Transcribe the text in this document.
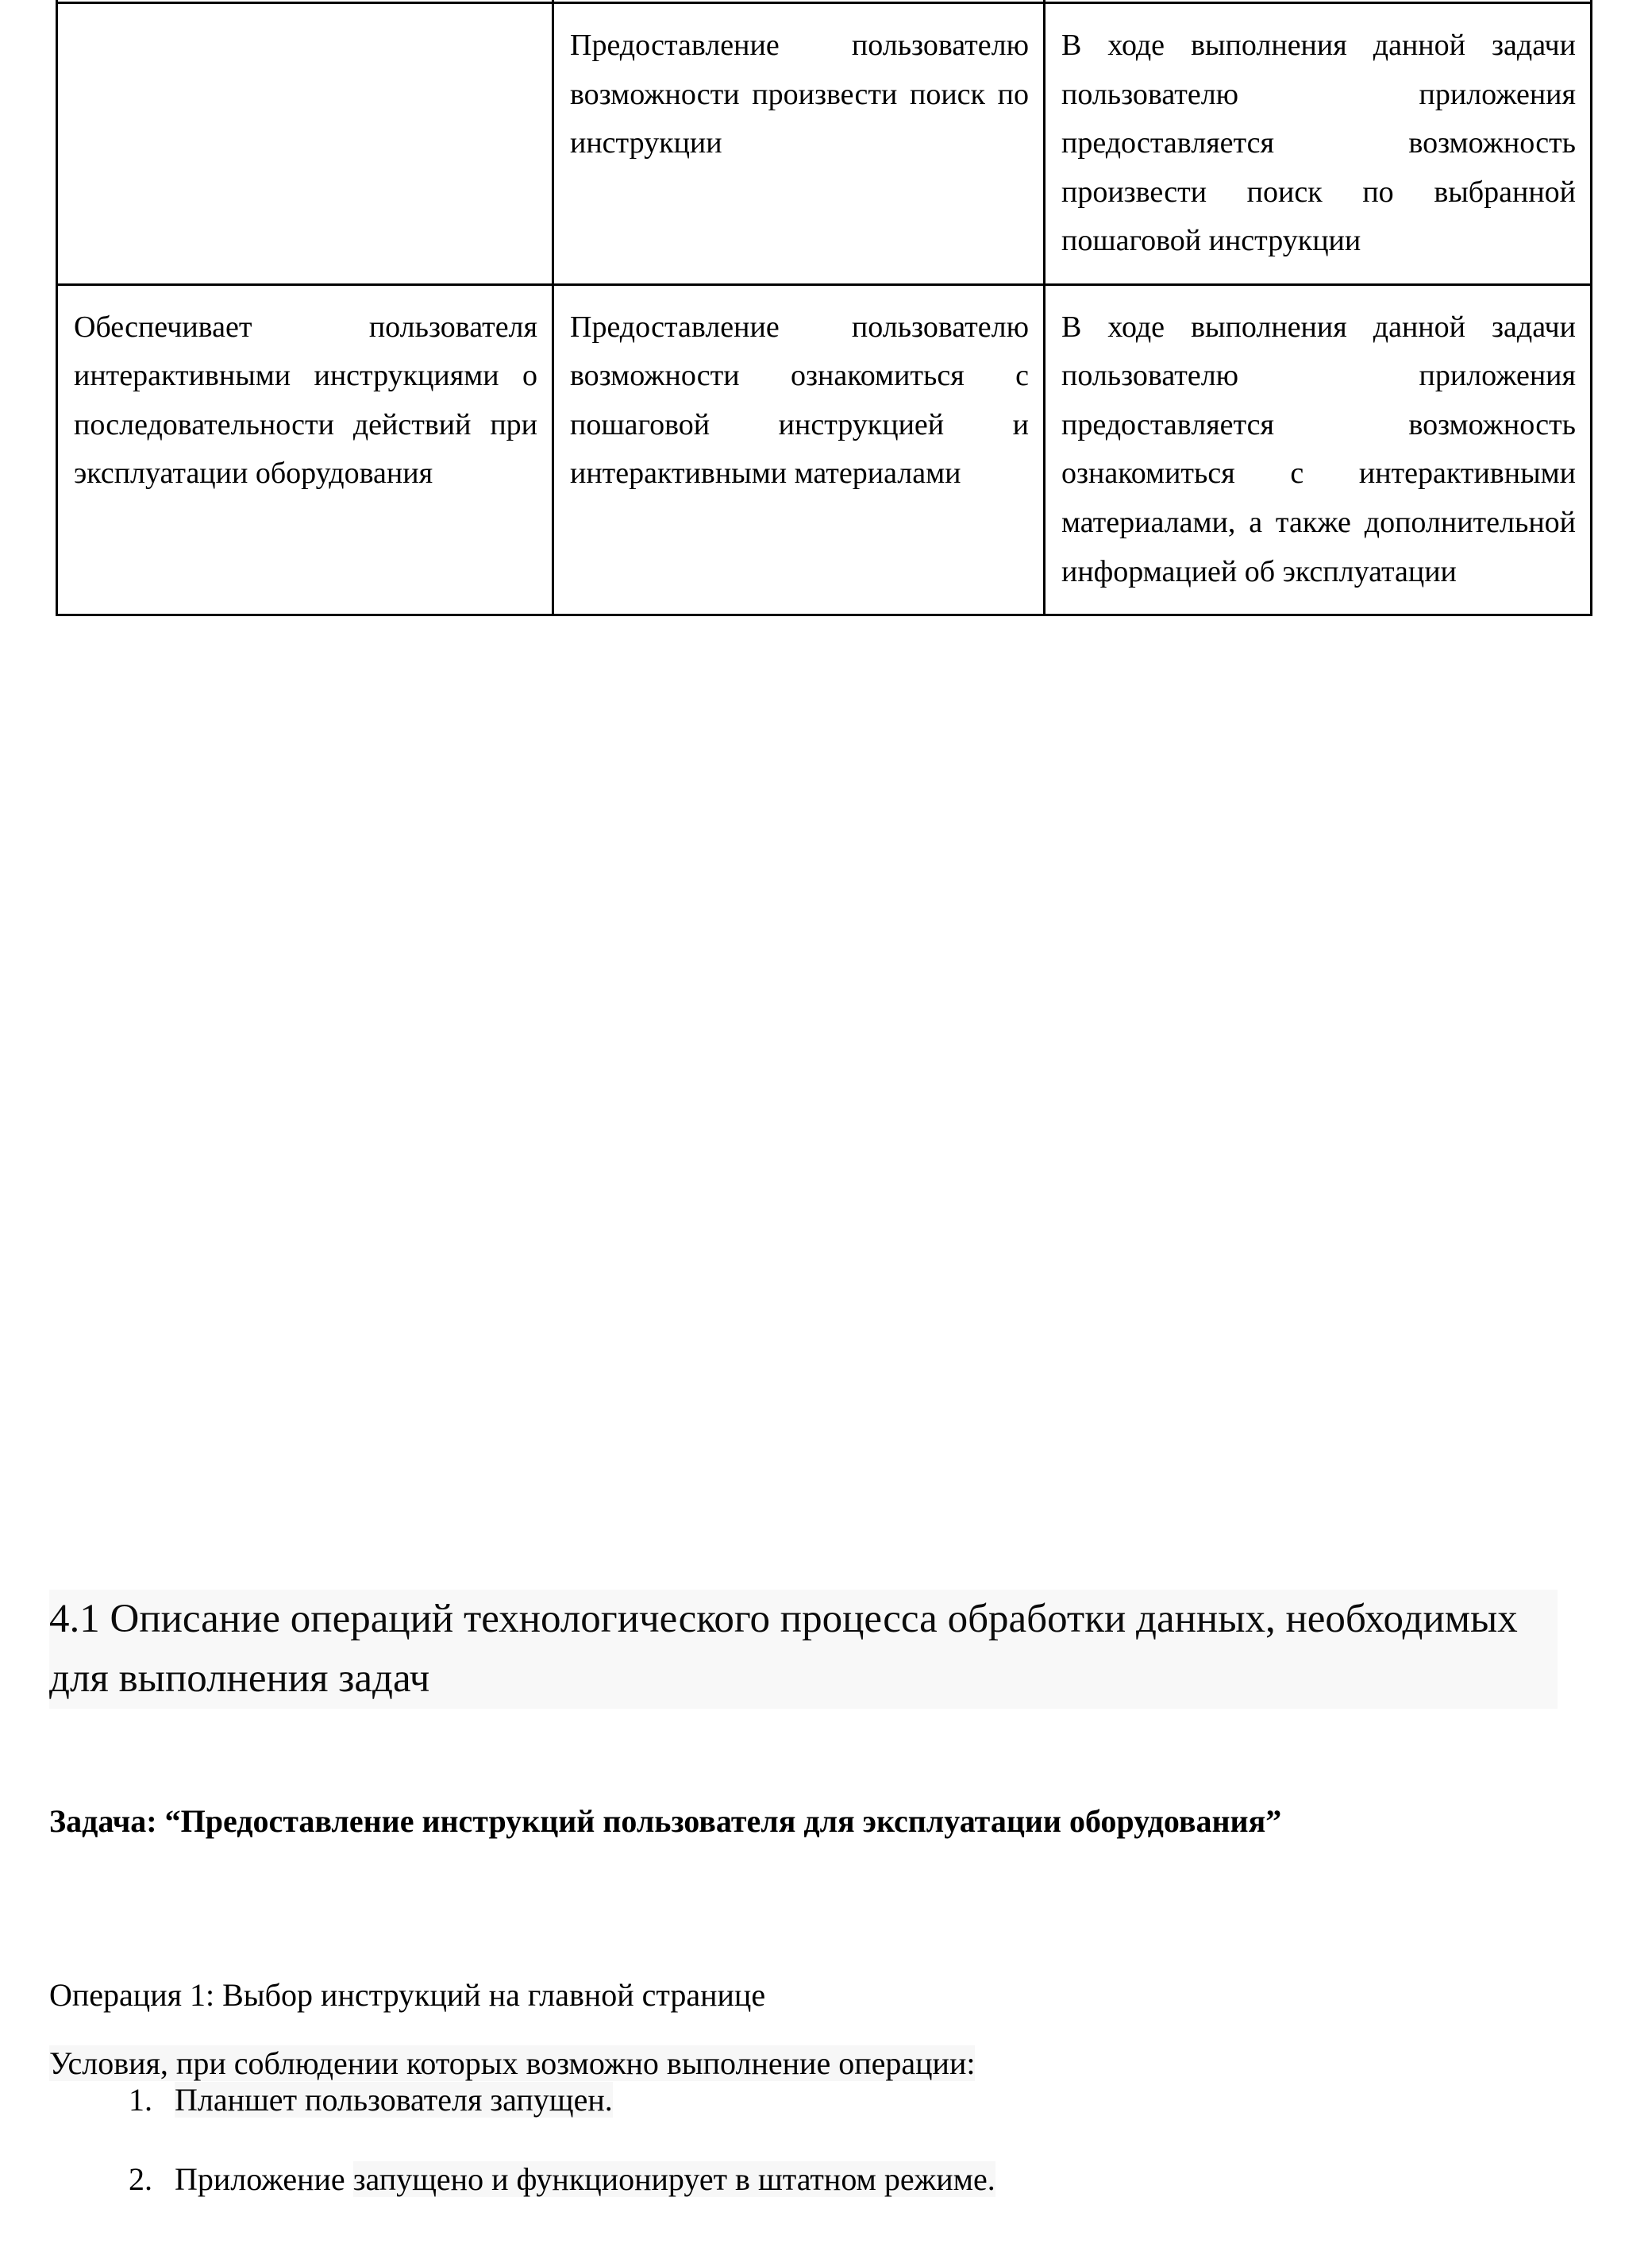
	Предоставление пользователю возможности произвести поиск по инструкции	В ходе выполнения данной задачи пользователю приложения предоставляется возможность произвести поиск по выбранной пошаговой инструкции
Обеспечивает пользователя интерактивными инструкциями о последовательности действий при эксплуатации оборудования	Предоставление пользователю возможности ознакомиться с пошаговой инструкцией и интерактивными материалами	В ходе выполнения данной задачи пользователю приложения предоставляется возможность ознакомиться с интерактивными материалами, а также дополнительной информацией об эксплуатации
4.1 Описание операций технологического процесса обработки данных, необходимых для выполнения задач

Задача: “Предоставление инструкций пользователя для эксплуатации оборудования”

Операция 1: Выбор инструкций на главной странице

Условия, при соблюдении которых возможно выполнение операции:

1. Планшет пользователя запущен.
2. Приложение запущено и функционирует в штатном режиме.
